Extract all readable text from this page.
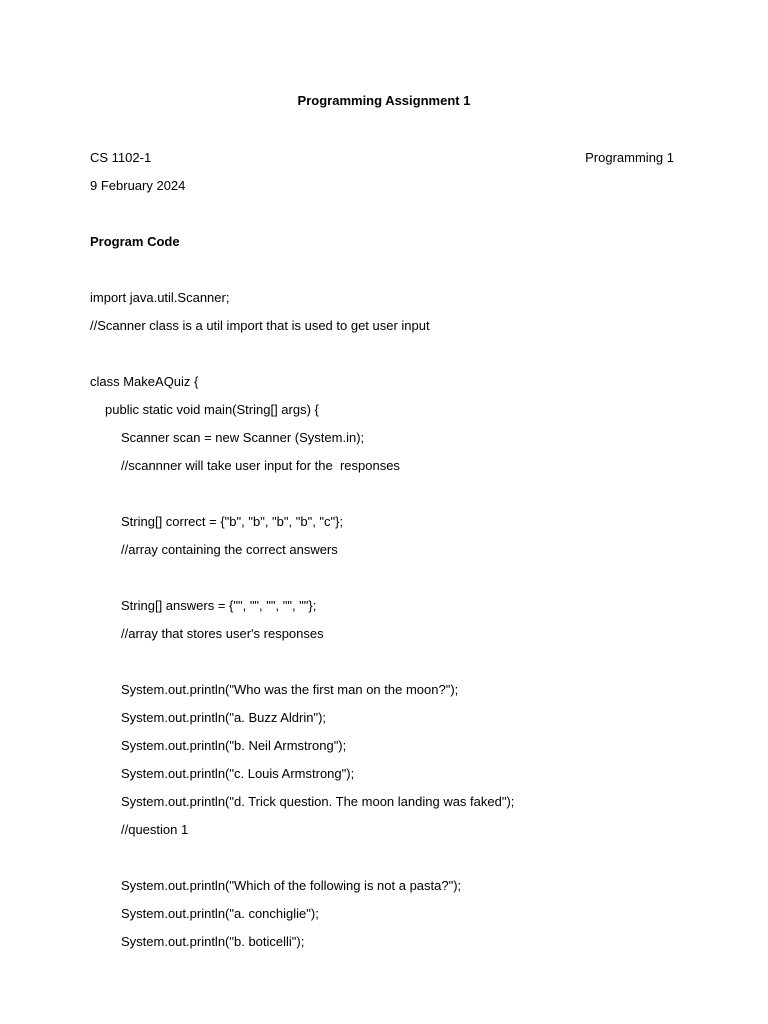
Programming Assignment 1
CS 1102-1	Programming 1
9 February 2024
Program Code
import java.util.Scanner;
//Scanner class is a util import that is used to get user input
class MakeAQuiz {
public static void main(String[] args) {
Scanner scan = new Scanner (System.in);
//scannner will take user input for the  responses
String[] correct = {"b", "b", "b", "b", "c"};
//array containing the correct answers
String[] answers = {"", "", "", "", ""};
//array that stores user's responses
System.out.println("Who was the first man on the moon?");
System.out.println("a. Buzz Aldrin");
System.out.println("b. Neil Armstrong");
System.out.println("c. Louis Armstrong");
System.out.println("d. Trick question. The moon landing was faked");
//question 1
System.out.println("Which of the following is not a pasta?");
System.out.println("a. conchiglie");
System.out.println("b. boticelli");
